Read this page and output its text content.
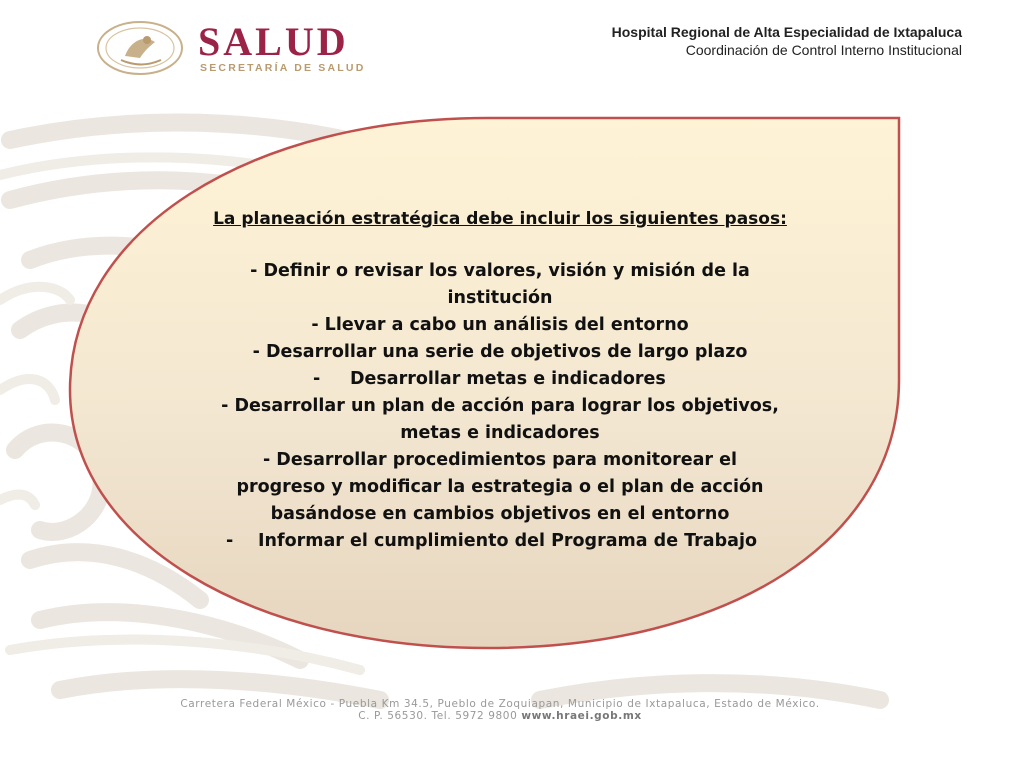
SALUD
SECRETARÍA DE SALUD
Hospital Regional de Alta Especialidad de Ixtapaluca
Coordinación de Control Interno Institucional

La planeación estratégica debe incluir los siguientes pasos:

- Definir o revisar los valores, visión y misión de la

institución

- Llevar a cabo un análisis del entorno

- Desarrollar una serie de objetivos de largo plazo

-	Desarrollar metas e indicadores

- Desarrollar un plan de acción para lograr los objetivos,

metas e indicadores

- Desarrollar procedimientos para monitorear el

progreso y modificar la estrategia o el plan de acción

basándose en cambios objetivos en el entorno

-	Informar el cumplimiento del Programa de Trabajo

Carretera Federal México - Puebla Km 34.5, Pueblo de Zoquiapan, Municipio de Ixtapaluca, Estado de México.
C. P. 56530. Tel. 5972 9800 www.hraei.gob.mx
